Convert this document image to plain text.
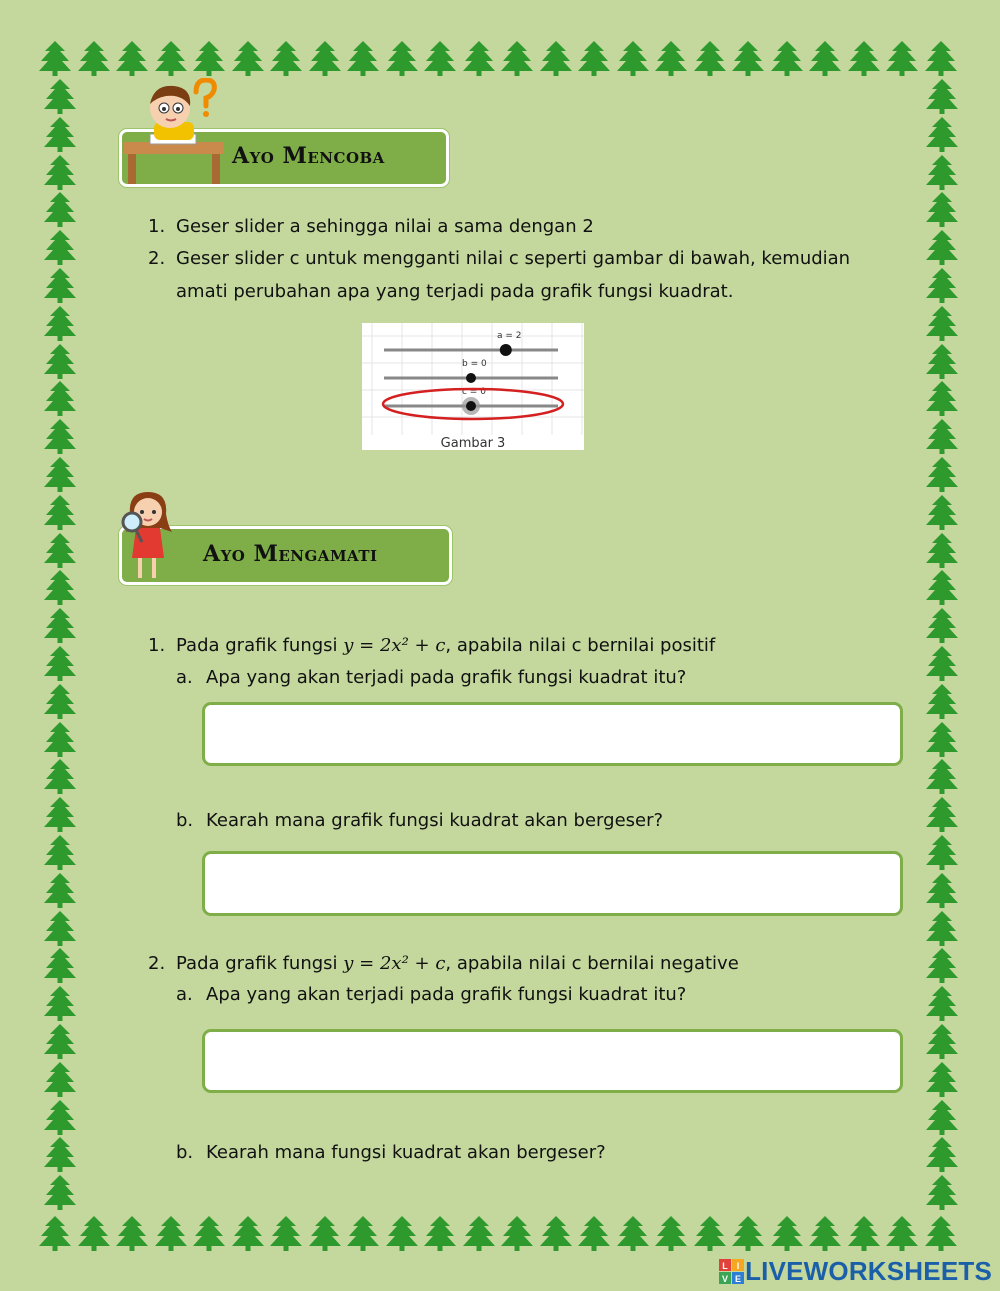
Ayo Mencoba
1. Geser slider a sehingga nilai a sama dengan 2
2. Geser slider c untuk mengganti nilai c seperti gambar di bawah, kemudian
amati perubahan apa yang terjadi pada grafik fungsi kuadrat.
a = 2
b = 0
c = 0
Gambar 3
Ayo Mengamati
1. Pada grafik fungsi y = 2x² + c, apabila nilai c bernilai positif
a. Apa yang akan terjadi pada grafik fungsi kuadrat itu?
b. Kearah mana grafik fungsi kuadrat akan bergeser?
2. Pada grafik fungsi y = 2x² + c, apabila nilai c bernilai negative
a. Apa yang akan terjadi pada grafik fungsi kuadrat itu?
b. Kearah mana fungsi kuadrat akan bergeser?
L I
V E LIVEWORKSHEETS
